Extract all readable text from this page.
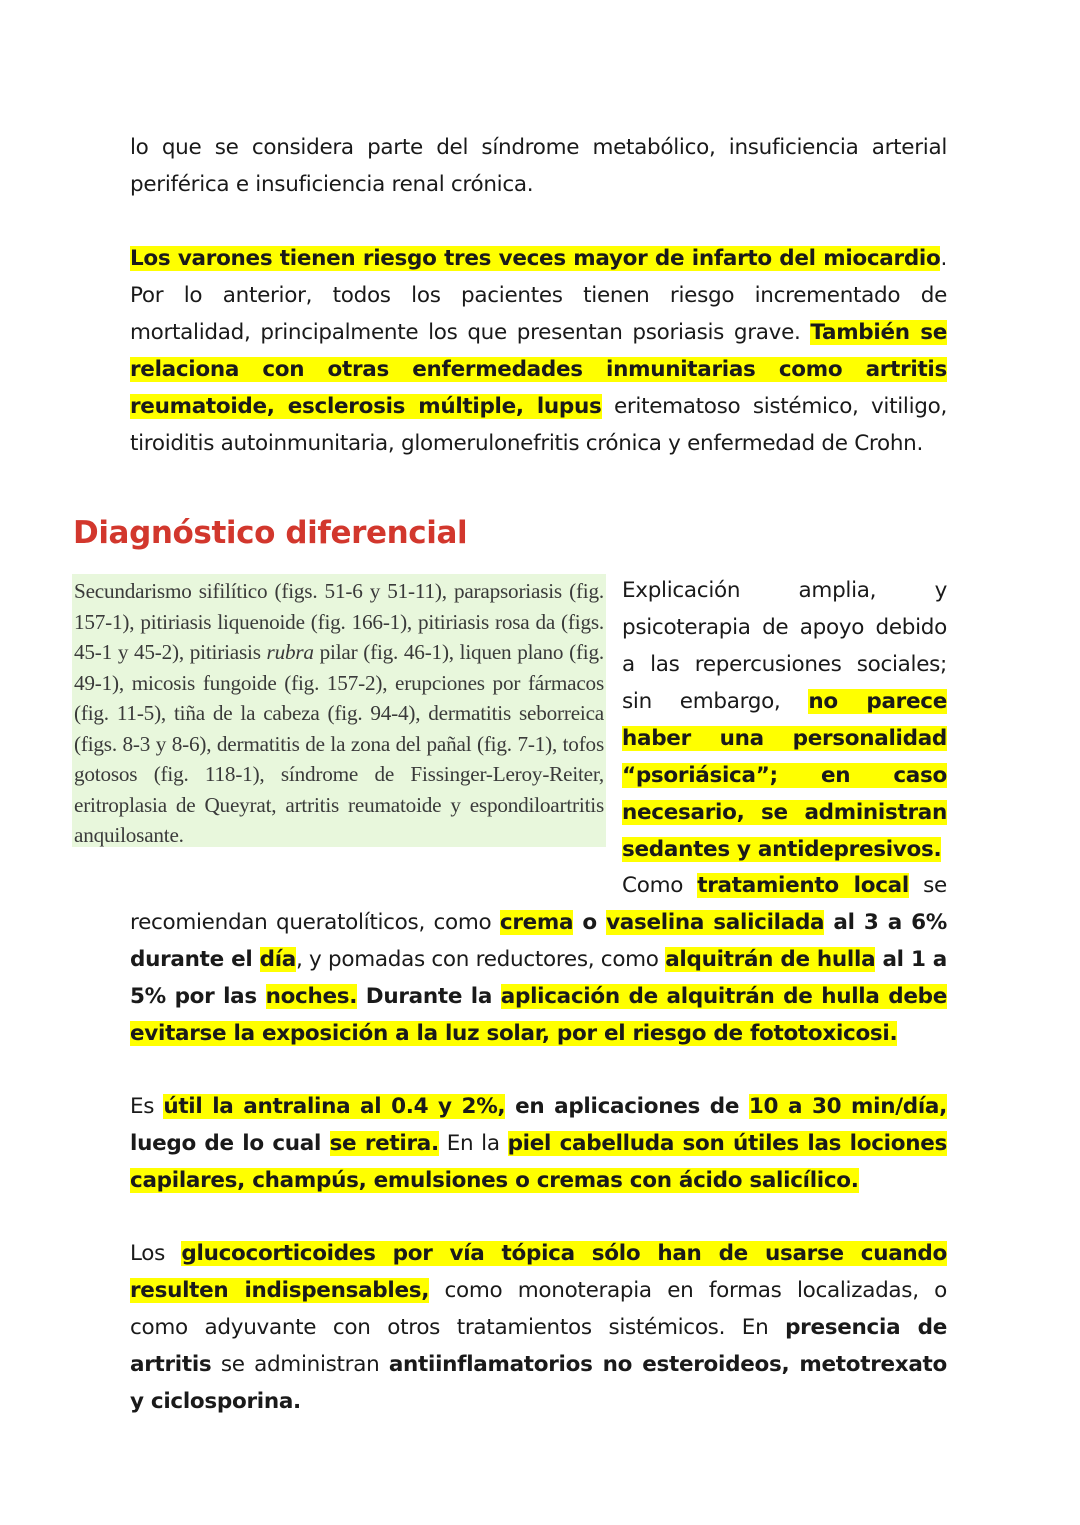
lo que se considera parte del síndrome metabólico, insuficiencia arterial periférica e insuficiencia renal crónica.
Los varones tienen riesgo tres veces mayor de infarto del miocardio. Por lo anterior, todos los pacientes tienen riesgo incrementado de mortalidad, principalmente los que presentan psoriasis grave. También se relaciona con otras enfermedades inmunitarias como artritis reumatoide, esclerosis múltiple, lupus eritematoso sistémico, vitiligo, tiroiditis autoinmunitaria, glomerulonefritis crónica y enfermedad de Crohn.
Diagnóstico diferencial
Secundarismo sifilítico (figs. 51-6 y 51-11), parapsoriasis (fig. 157-1), pitiriasis liquenoide (fig. 166-1), pitiriasis rosa da (figs. 45-1 y 45-2), pitiriasis rubra pilar (fig. 46-1), liquen plano (fig. 49-1), micosis fungoide (fig. 157-2), erupciones por fármacos (fig. 11-5), tiña de la cabeza (fig. 94-4), dermatitis seborreica (figs. 8-3 y 8-6), dermatitis de la zona del pañal (fig. 7-1), tofos gotosos (fig. 118-1), síndrome de Fissinger-Leroy-Reiter, eritroplasia de Queyrat, artritis reumatoide y espondiloartritis anquilosante.
Explicación amplia, y psicoterapia de apoyo debido a las repercusiones sociales; sin embargo, no parece haber una personalidad “psoriásica”; en caso necesario, se administran sedantes y antidepresivos.
Como tratamiento local se
recomiendan queratolíticos, como crema o vaselina salicilada al 3 a 6% durante el día, y pomadas con reductores, como alquitrán de hulla al 1 a 5% por las noches. Durante la aplicación de alquitrán de hulla debe evitarse la exposición a la luz solar, por el riesgo de fototoxicosi.
Es útil la antralina al 0.4 y 2%, en aplicaciones de 10 a 30 min/día, luego de lo cual se retira. En la piel cabelluda son útiles las lociones capilares, champús, emulsiones o cremas con ácido salicílico.
Los glucocorticoides por vía tópica sólo han de usarse cuando resulten indispensables, como monoterapia en formas localizadas, o como adyuvante con otros tratamientos sistémicos. En presencia de artritis se administran antiinflamatorios no esteroideos, metotrexato y ciclosporina.
